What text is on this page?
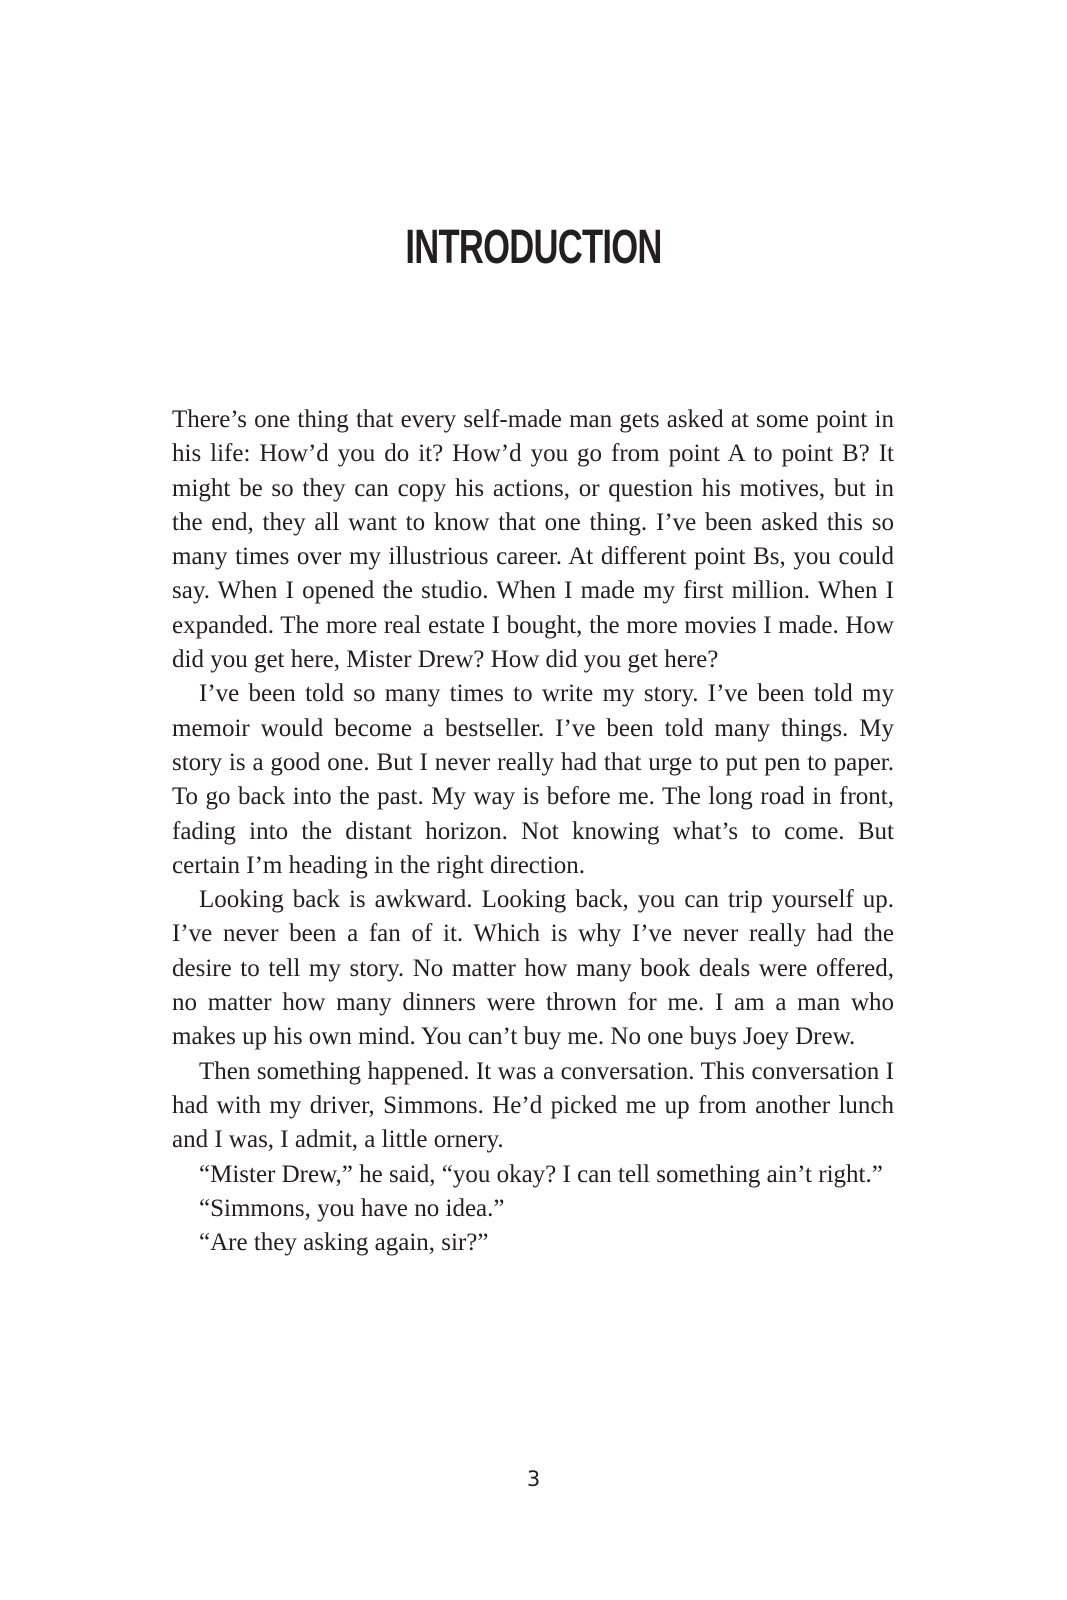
INTRODUCTION

There’s one thing that every self-made man gets asked at some point in his life: How’d you do it? How’d you go from point A to point B? It might be so they can copy his actions, or question his motives, but in the end, they all want to know that one thing. I’ve been asked this so many times over my illustrious career. At different point Bs, you could say. When I opened the studio. When I made my first million. When I expanded. The more real estate I bought, the more movies I made. How did you get here, Mister Drew? How did you get here?

I’ve been told so many times to write my story. I’ve been told my memoir would become a bestseller. I’ve been told many things. My story is a good one. But I never really had that urge to put pen to paper. To go back into the past. My way is before me. The long road in front, fading into the distant horizon. Not knowing what’s to come. But certain I’m heading in the right direction.

Looking back is awkward. Looking back, you can trip yourself up. I’ve never been a fan of it. Which is why I’ve never really had the desire to tell my story. No matter how many book deals were offered, no matter how many dinners were thrown for me. I am a man who makes up his own mind. You can’t buy me. No one buys Joey Drew.

Then something happened. It was a conversation. This conversation I had with my driver, Simmons. He’d picked me up from another lunch and I was, I admit, a little ornery.

“Mister Drew,” he said, “you okay? I can tell something ain’t right.”

“Simmons, you have no idea.”

“Are they asking again, sir?”

3
